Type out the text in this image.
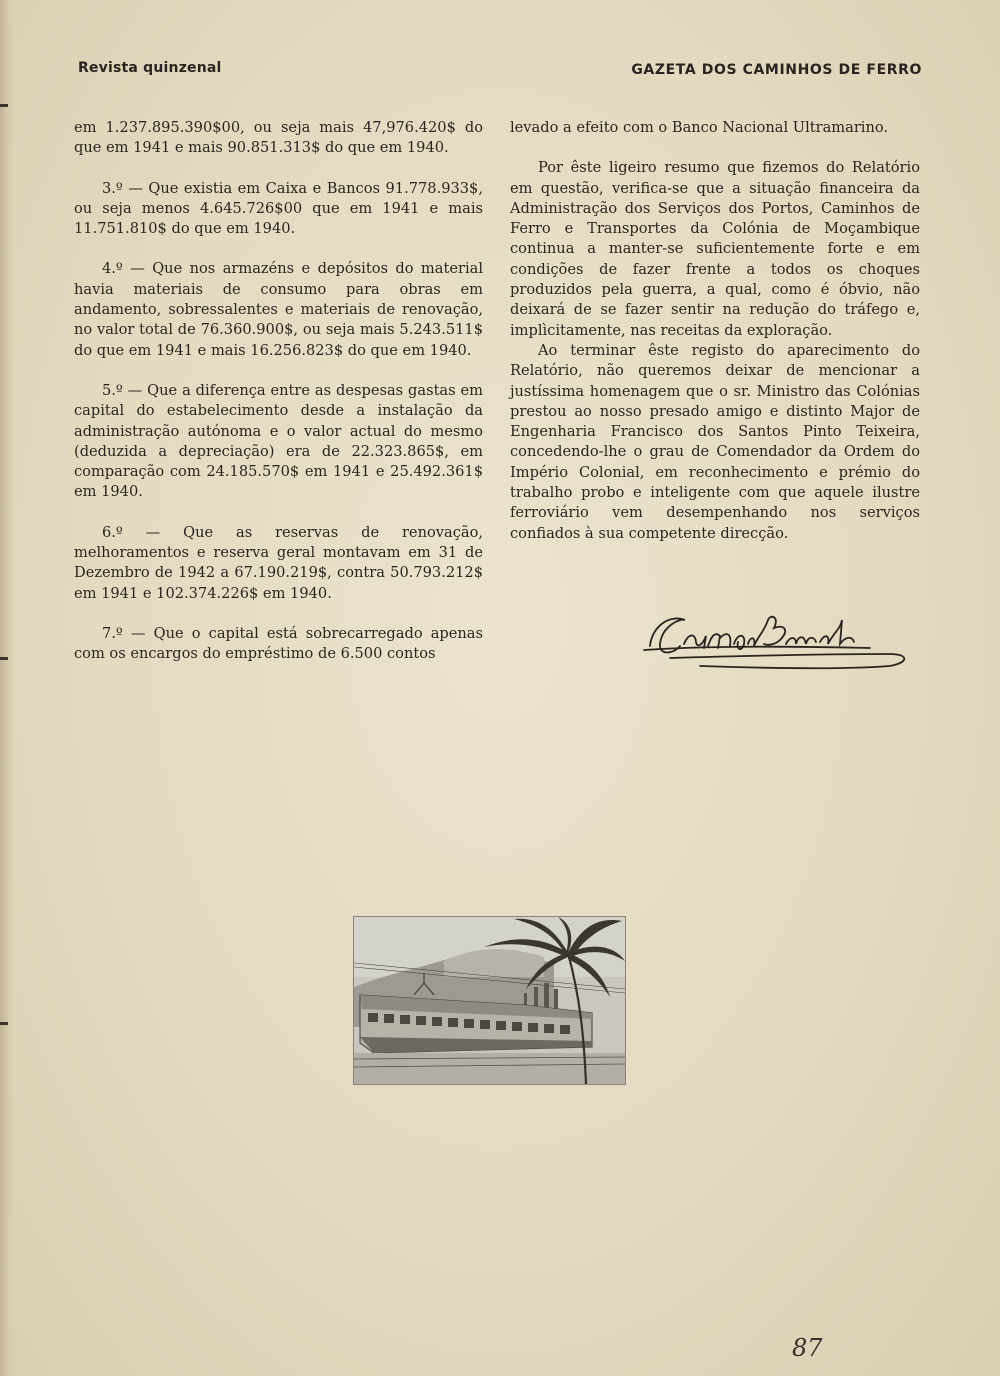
Revista quinzenal	GAZETA DOS CAMINHOS DE FERRO

em 1.237.895.390$00, ou seja mais 47,976.420$ do que em 1941 e mais 90.851.313$ do que em 1940.

3.º — Que existia em Caixa e Bancos 91.778.933$, ou seja menos 4.645.726$00 que em 1941 e mais 11.751.810$ do que em 1940.

4.º — Que nos armazéns e depósitos do material havia materiais de consumo para obras em andamento, sobressalentes e materiais de renovação, no valor total de 76.360.900$, ou seja mais 5.243.511$ do que em 1941 e mais 16.256.823$ do que em 1940.

5.º — Que a diferença entre as despesas gastas em capital do estabelecimento desde a instalação da administração autónoma e o valor actual do mesmo (deduzida a depreciação) era de 22.323.865$, em comparação com 24.185.570$ em 1941 e 25.492.361$ em 1940.

6.º — Que as reservas de renovação, melhoramentos e reserva geral montavam em 31 de Dezembro de 1942 a 67.190.219$, contra 50.793.212$ em 1941 e 102.374.226$ em 1940.

7.º — Que o capital está sobrecarregado apenas com os encargos do empréstimo de 6.500 contos

levado a efeito com o Banco Nacional Ultramarino.

Por êste ligeiro resumo que fizemos do Relatório em questão, verifica-se que a situação financeira da Administração dos Serviços dos Portos, Caminhos de Ferro e Transportes da Colónia de Moçambique continua a manter-se suficientemente forte e em condições de fazer frente a todos os choques produzidos pela guerra, a qual, como é óbvio, não deixará de se fazer sentir na redução do tráfego e, implìcitamente, nas receitas da exploração.

Ao terminar êste registo do aparecimento do Relatório, não queremos deixar de mencionar a justíssima homenagem que o sr. Ministro das Colónias prestou ao nosso presado amigo e distinto Major de Engenharia Francisco dos Santos Pinto Teixeira, concedendo-lhe o grau de Comendador da Ordem do Império Colonial, em reconhecimento e prémio do trabalho probo e inteligente com que aquele ilustre ferroviário vem desempenhando nos serviços confiados à sua competente direcção.

87
